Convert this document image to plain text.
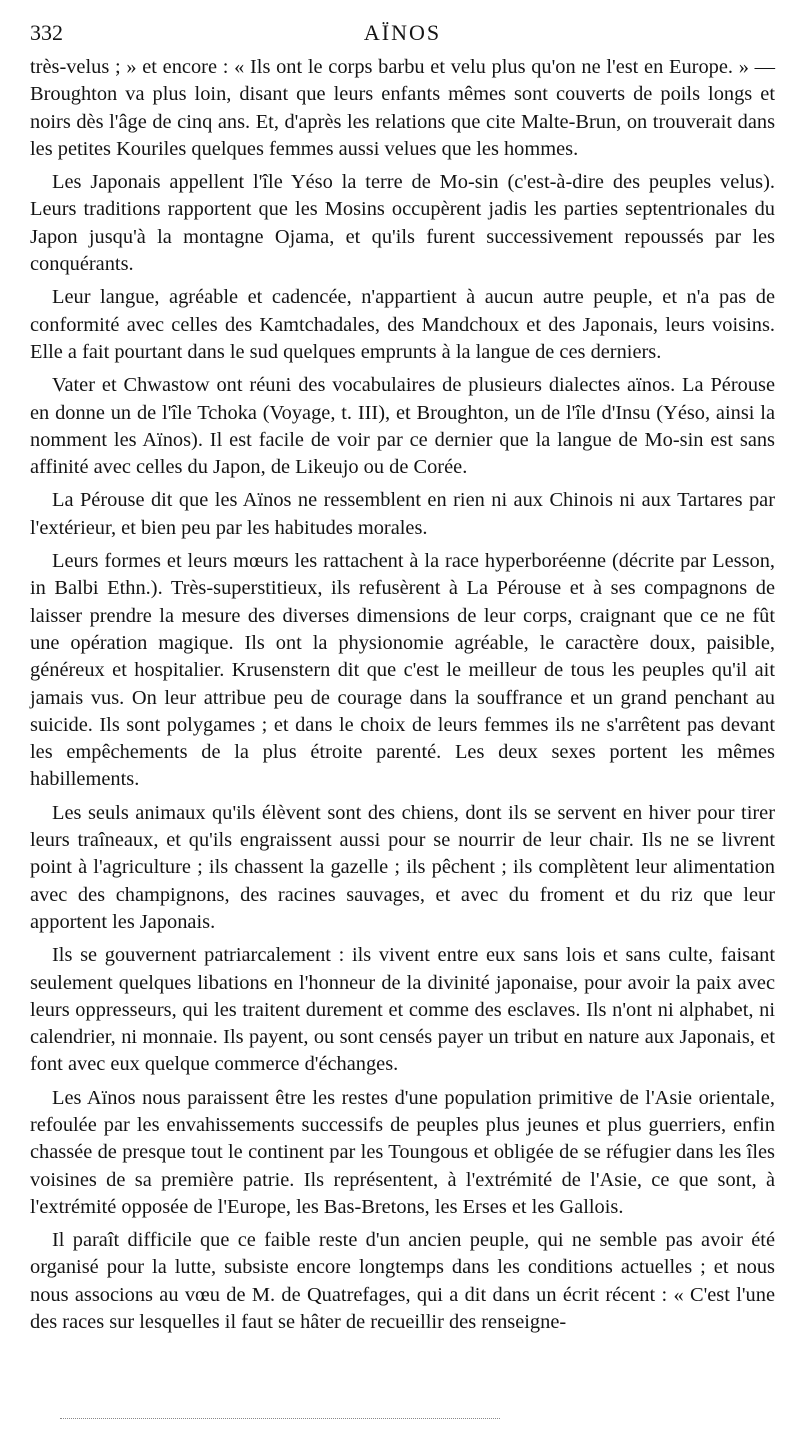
332	AÏNOS

très-velus ; » et encore : « Ils ont le corps barbu et velu plus qu'on ne l'est en Europe. » — Broughton va plus loin, disant que leurs enfants mêmes sont couverts de poils longs et noirs dès l'âge de cinq ans. Et, d'après les relations que cite Malte-Brun, on trouverait dans les petites Kouriles quelques femmes aussi velues que les hommes.

Les Japonais appellent l'île Yéso la terre de Mo-sin (c'est-à-dire des peuples velus). Leurs traditions rapportent que les Mosins occupèrent jadis les parties septentrionales du Japon jusqu'à la montagne Ojama, et qu'ils furent successivement repoussés par les conquérants.

Leur langue, agréable et cadencée, n'appartient à aucun autre peuple, et n'a pas de conformité avec celles des Kamtchadales, des Mandchoux et des Japonais, leurs voisins. Elle a fait pourtant dans le sud quelques emprunts à la langue de ces derniers.

Vater et Chwastow ont réuni des vocabulaires de plusieurs dialectes aïnos. La Pérouse en donne un de l'île Tchoka (Voyage, t. III), et Broughton, un de l'île d'Insu (Yéso, ainsi la nomment les Aïnos). Il est facile de voir par ce dernier que la langue de Mo-sin est sans affinité avec celles du Japon, de Likeujo ou de Corée.

La Pérouse dit que les Aïnos ne ressemblent en rien ni aux Chinois ni aux Tartares par l'extérieur, et bien peu par les habitudes morales.

Leurs formes et leurs mœurs les rattachent à la race hyperboréenne (décrite par Lesson, in Balbi Ethn.). Très-superstitieux, ils refusèrent à La Pérouse et à ses compagnons de laisser prendre la mesure des diverses dimensions de leur corps, craignant que ce ne fût une opération magique. Ils ont la physionomie agréable, le caractère doux, paisible, généreux et hospitalier. Krusenstern dit que c'est le meilleur de tous les peuples qu'il ait jamais vus. On leur attribue peu de courage dans la souffrance et un grand penchant au suicide. Ils sont polygames ; et dans le choix de leurs femmes ils ne s'arrêtent pas devant les empêchements de la plus étroite parenté. Les deux sexes portent les mêmes habillements.

Les seuls animaux qu'ils élèvent sont des chiens, dont ils se servent en hiver pour tirer leurs traîneaux, et qu'ils engraissent aussi pour se nourrir de leur chair. Ils ne se livrent point à l'agriculture ; ils chassent la gazelle ; ils pêchent ; ils complètent leur alimentation avec des champignons, des racines sauvages, et avec du froment et du riz que leur apportent les Japonais.

Ils se gouvernent patriarcalement : ils vivent entre eux sans lois et sans culte, faisant seulement quelques libations en l'honneur de la divinité japonaise, pour avoir la paix avec leurs oppresseurs, qui les traitent durement et comme des esclaves. Ils n'ont ni alphabet, ni calendrier, ni monnaie. Ils payent, ou sont censés payer un tribut en nature aux Japonais, et font avec eux quelque commerce d'échanges.

Les Aïnos nous paraissent être les restes d'une population primitive de l'Asie orientale, refoulée par les envahissements successifs de peuples plus jeunes et plus guerriers, enfin chassée de presque tout le continent par les Toungous et obligée de se réfugier dans les îles voisines de sa première patrie. Ils représentent, à l'extrémité de l'Asie, ce que sont, à l'extrémité opposée de l'Europe, les Bas-Bretons, les Erses et les Gallois.

Il paraît difficile que ce faible reste d'un ancien peuple, qui ne semble pas avoir été organisé pour la lutte, subsiste encore longtemps dans les conditions actuelles ; et nous nous associons au vœu de M. de Quatrefages, qui a dit dans un écrit récent : « C'est l'une des races sur lesquelles il faut se hâter de recueillir des renseigne-
